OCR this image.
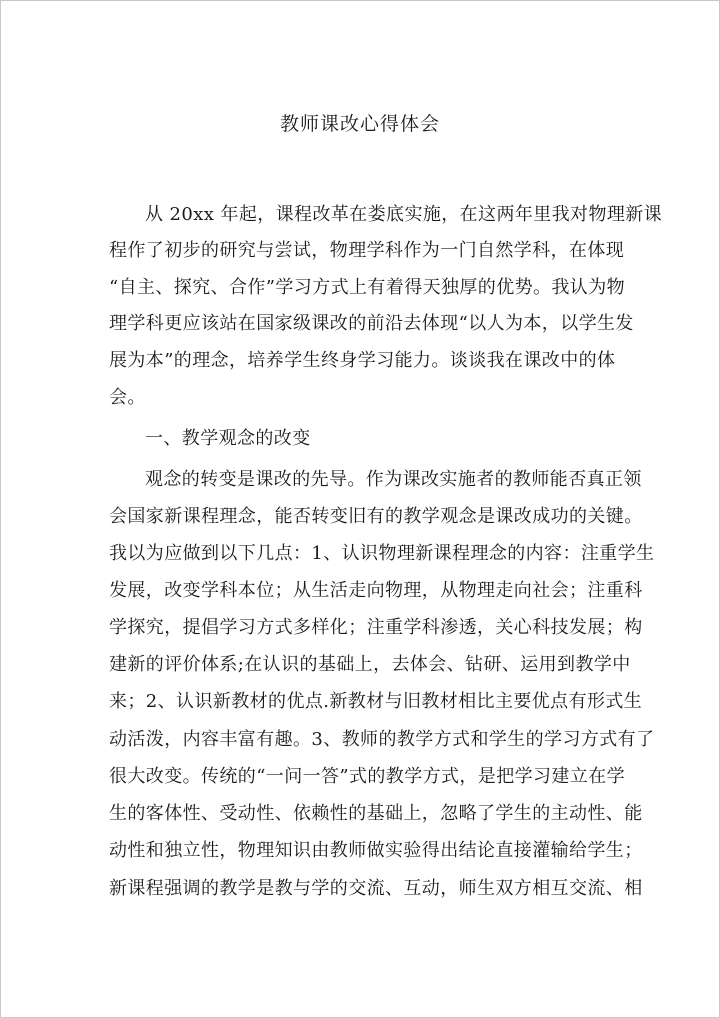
教师课改心得体会
从 20xx 年起，课程改革在娄底实施，在这两年里我对物理新课
程作了初步的研究与尝试，物理学科作为一门自然学科，在体现
“自主、探究、合作”学习方式上有着得天独厚的优势。我认为物
理学科更应该站在国家级课改的前沿去体现“以人为本，以学生发
展为本”的理念，培养学生终身学习能力。谈谈我在课改中的体
会。
一、教学观念的改变
观念的转变是课改的先导。作为课改实施者的教师能否真正领
会国家新课程理念，能否转变旧有的教学观念是课改成功的关键。
我以为应做到以下几点：1、认识物理新课程理念的内容：注重学生
发展，改变学科本位；从生活走向物理，从物理走向社会；注重科
学探究，提倡学习方式多样化；注重学科渗透，关心科技发展；构
建新的评价体系;在认识的基础上，去体会、钻研、运用到教学中
来；2、认识新教材的优点.新教材与旧教材相比主要优点有形式生
动活泼，内容丰富有趣。3、教师的教学方式和学生的学习方式有了
很大改变。传统的“一问一答”式的教学方式，是把学习建立在学
生的客体性、受动性、依赖性的基础上，忽略了学生的主动性、能
动性和独立性，物理知识由教师做实验得出结论直接灌输给学生；
新课程强调的教学是教与学的交流、互动，师生双方相互交流、相
